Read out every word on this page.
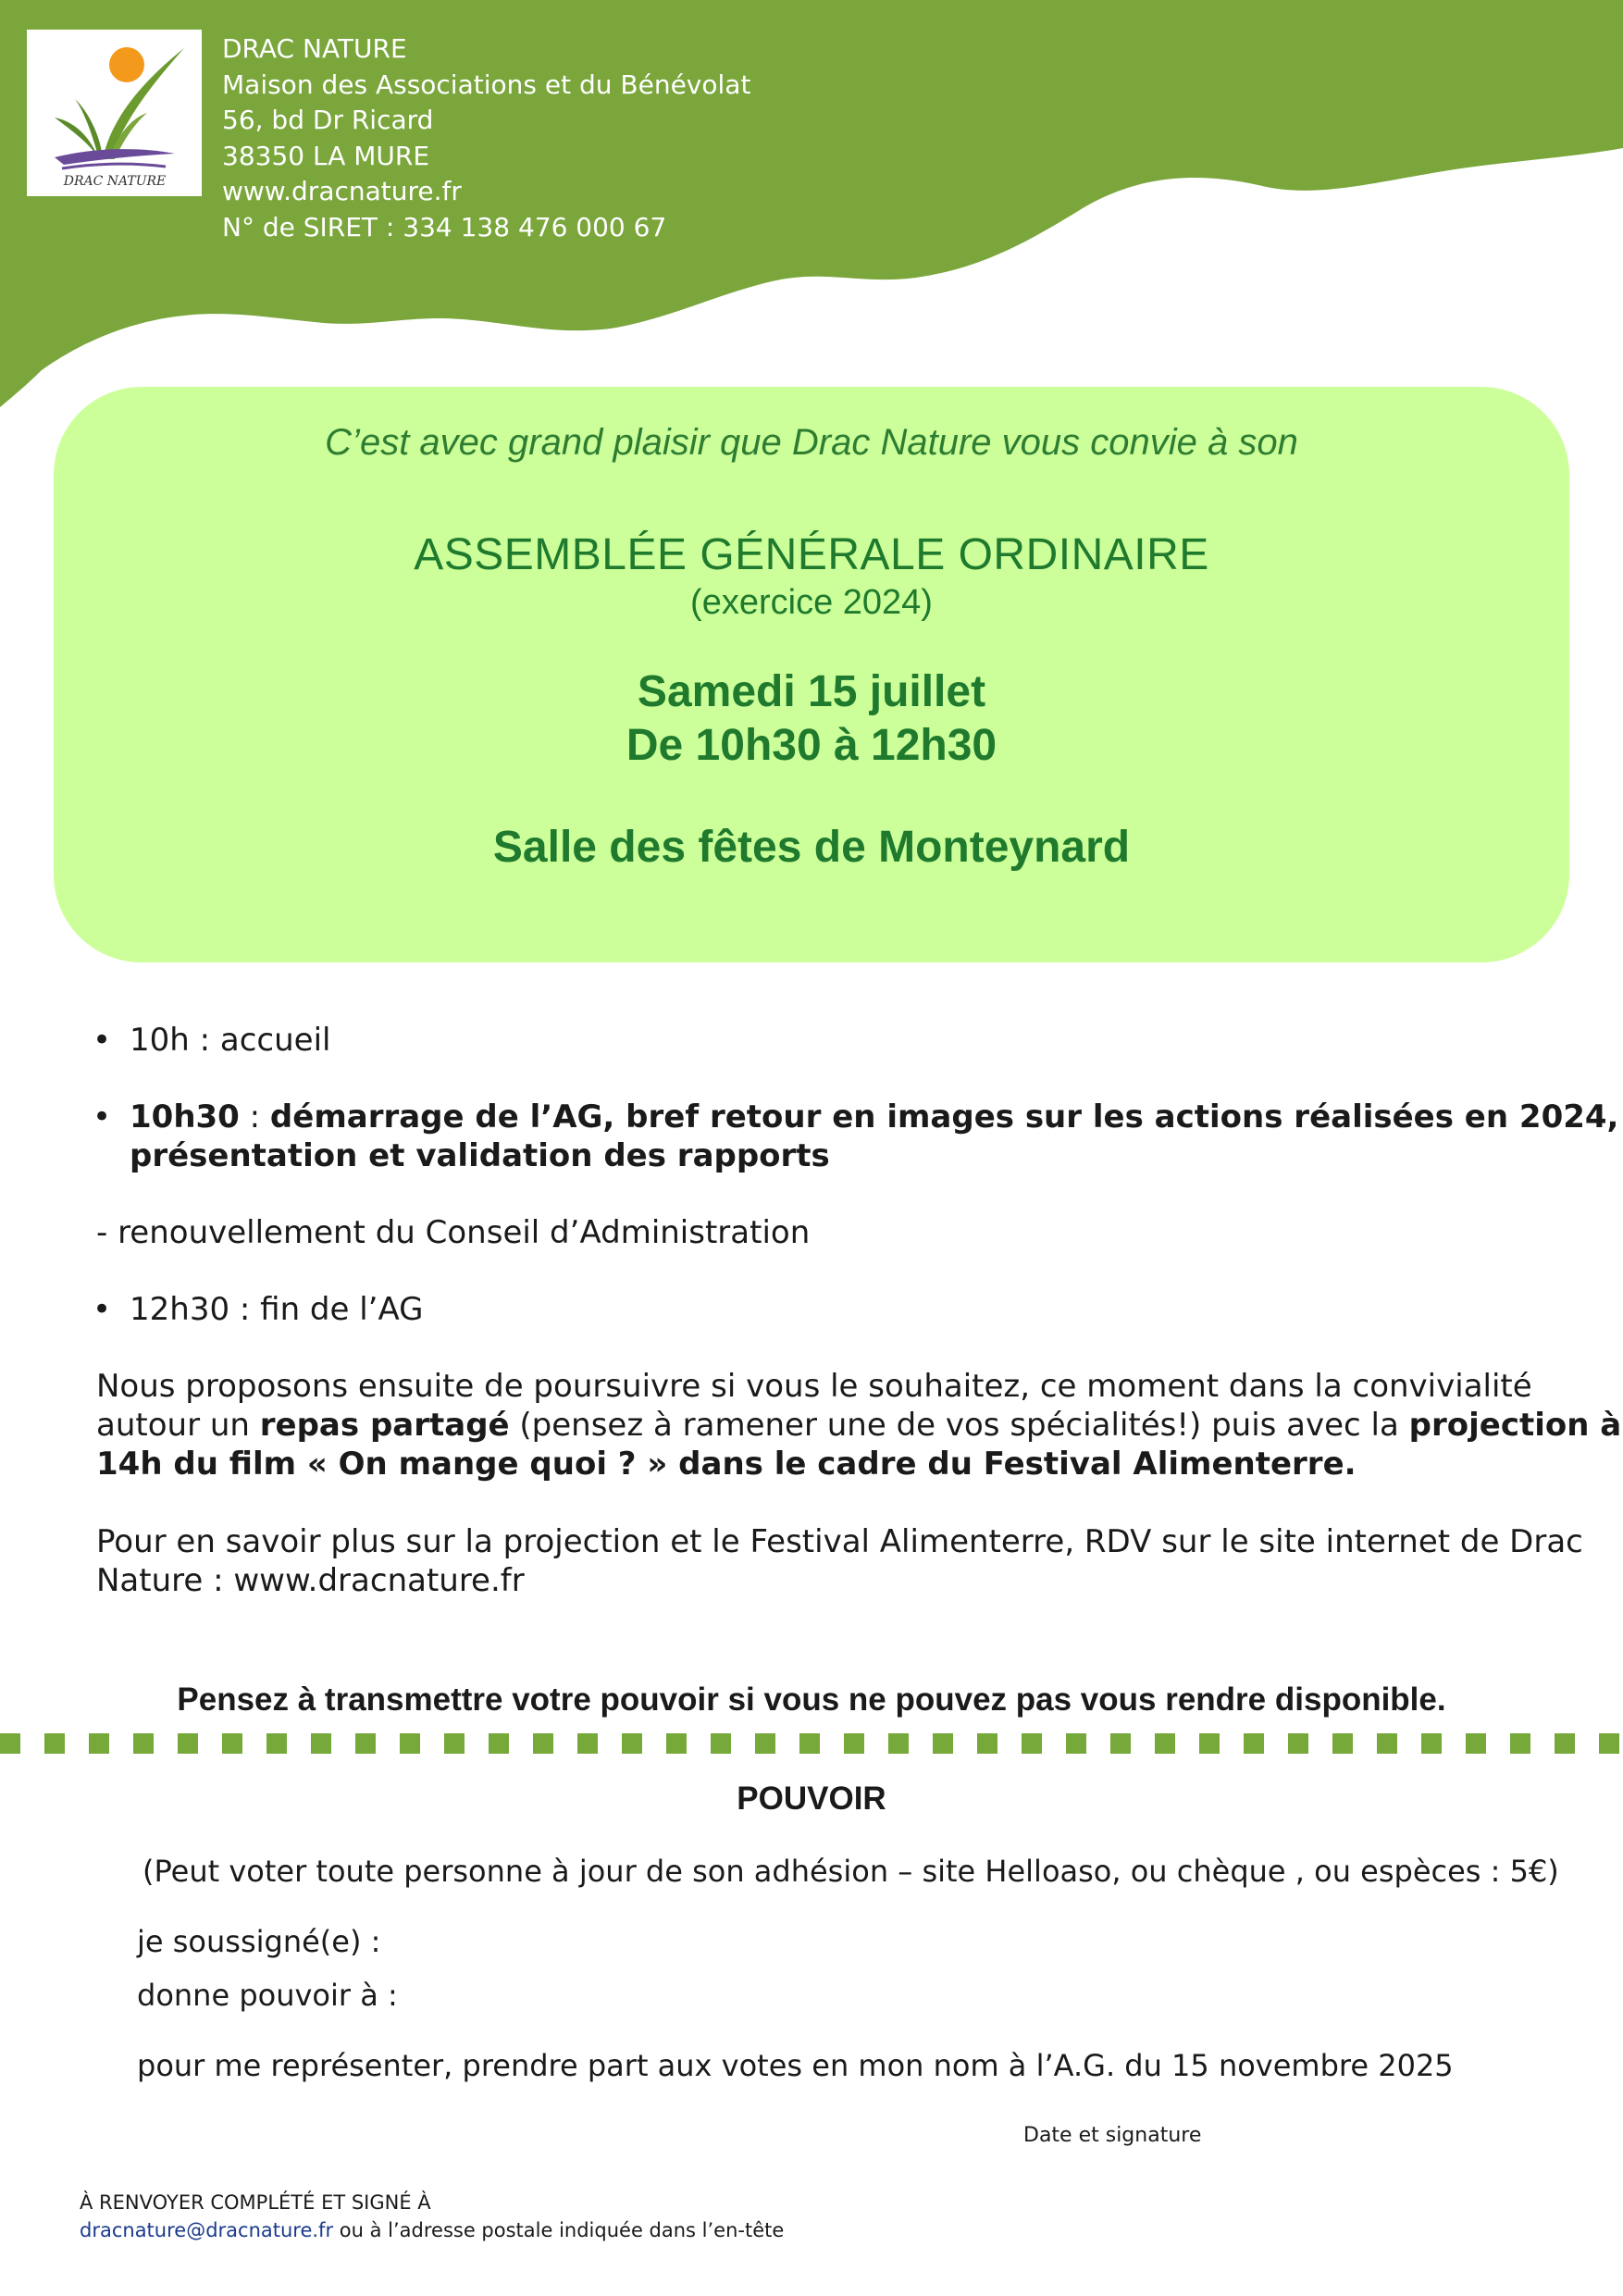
DRAC NATURE
DRAC NATURE
Maison des Associations et du Bénévolat
56, bd Dr Ricard
38350 LA MURE
www.dracnature.fr
N° de SIRET : 334 138 476 000 67
C’est avec grand plaisir que Drac Nature vous convie à son
ASSEMBLÉE GÉNÉRALE ORDINAIRE
(exercice 2024)
Samedi 15 juillet
De 10h30 à 12h30
Salle des fêtes de Monteynard
• 10h : accueil
• 10h30 : démarrage de l’AG, bref retour en images sur les actions réalisées en 2024,
présentation et validation des rapports
- renouvellement du Conseil d’Administration
• 12h30 : fin de l’AG
Nous proposons ensuite de poursuivre si vous le souhaitez, ce moment dans la convivialité
autour un repas partagé (pensez à ramener une de vos spécialités!) puis avec la projection à
14h du film « On mange quoi ? » dans le cadre du Festival Alimenterre.
Pour en savoir plus sur la projection et le Festival Alimenterre, RDV sur le site internet de Drac
Nature : www.dracnature.fr
Pensez à transmettre votre pouvoir si vous ne pouvez pas vous rendre disponible.
POUVOIR
(Peut voter toute personne à jour de son adhésion – site Helloaso, ou chèque , ou espèces : 5€)
je soussigné(e) :
donne pouvoir à :
pour me représenter, prendre part aux votes en mon nom à l’A.G. du 15 novembre 2025
Date et signature
À RENVOYER COMPLÉTÉ ET SIGNÉ À
dracnature@dracnature.fr ou à l’adresse postale indiquée dans l’en-tête
